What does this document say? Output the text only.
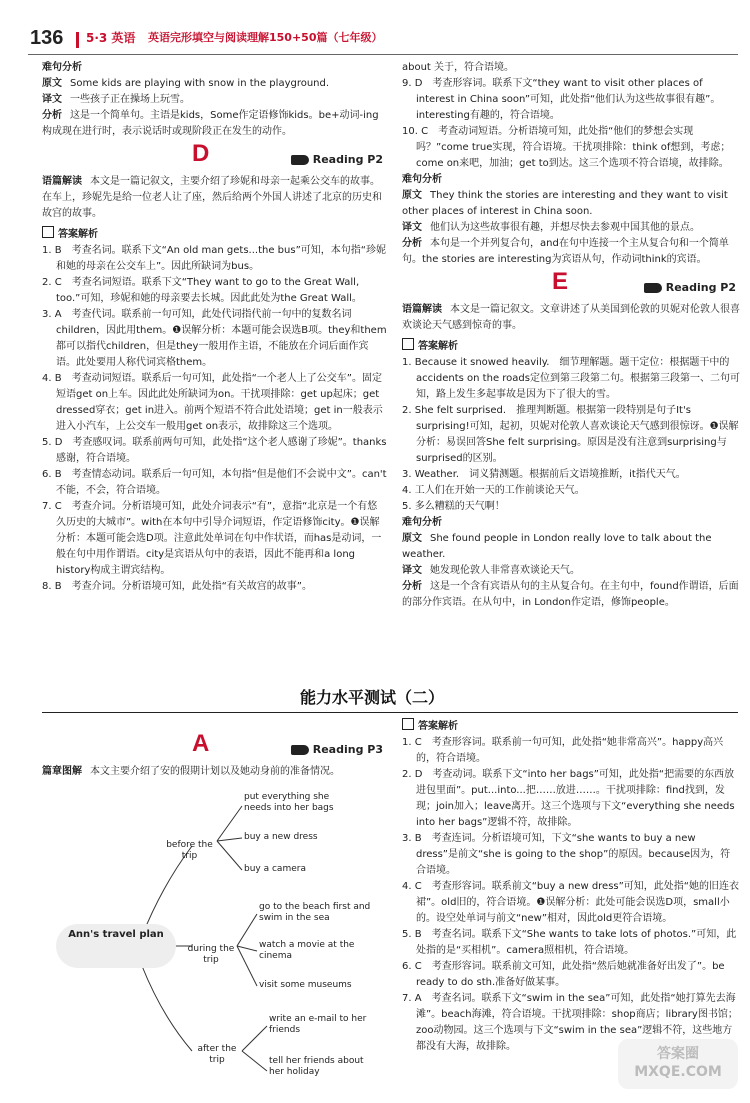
136 5·3 英语 英语完形填空与阅读理解150+50篇（七年级）

难句分析

原文 Some kids are playing with snow in the playground.

译文 一些孩子正在操场上玩雪。

分析 这是一个简单句。主语是kids，Some作定语修饰kids。be+动词-ing构成现在进行时，表示说话时或现阶段正在发生的动作。

D	Reading P2

语篇解读 本文是一篇记叙文，主要介绍了珍妮和母亲一起乘公交车的故事。在车上，珍妮先是给一位老人让了座，然后给两个外国人讲述了北京的历史和故宫的故事。

答案解析

1. B　考查名词。联系下文“An old man gets...the bus”可知，本句指“珍妮和她的母亲在公交车上”。因此所缺词为bus。

2. C　考查名词短语。联系下文“They want to go to the Great Wall, too.”可知，珍妮和她的母亲要去长城。因此此处为the Great Wall。

3. A　考查代词。联系前一句可知，此处代词指代前一句中的复数名词children，因此用them。❶误解分析：本题可能会误选B项。they和them都可以指代children，但是they一般用作主语，不能放在介词后面作宾语。此处要用人称代词宾格them。

4. B　考查动词短语。联系后一句可知，此处指“一个老人上了公交车”。固定短语get on上车。因此此处所缺词为on。干扰项排除：get up起床；get dressed穿衣；get in进入。前两个短语不符合此处语境；get in一般表示进入小汽车，上公交车一般用get on表示，故排除这三个选项。

5. D　考查感叹词。联系前两句可知，此处指“这个老人感谢了珍妮”。thanks感谢，符合语境。

6. B　考查情态动词。联系后一句可知，本句指“但是他们不会说中文”。can't不能，不会，符合语境。

7. C　考查介词。分析语境可知，此处介词表示“有”，意指“北京是一个有悠久历史的大城市”。with在本句中引导介词短语，作定语修饰city。❶误解分析：本题可能会选D项。注意此处单词在句中作状语，而has是动词，一般在句中用作谓语。city是宾语从句中的表语，因此不能再和a long history构成主谓宾结构。

8. B　考查介词。分析语境可知，此处指“有关故宫的故事”。

about 关于，符合语境。

9. D　考查形容词。联系下文“they want to visit other places of interest in China soon”可知，此处指“他们认为这些故事很有趣”。interesting有趣的，符合语境。

10. C　考查动词短语。分析语境可知，此处指“他们的梦想会实现吗？”come true实现，符合语境。干扰项排除：think of想到，考虑；come on来吧，加油；get to到达。这三个选项不符合语境，故排除。

难句分析

原文 They think the stories are interesting and they want to visit other places of interest in China soon.

译文 他们认为这些故事很有趣，并想尽快去参观中国其他的景点。

分析 本句是一个并列复合句，and在句中连接一个主从复合句和一个简单句。the stories are interesting为宾语从句，作动词think的宾语。

E	Reading P2

语篇解读 本文是一篇记叙文。文章讲述了从美国到伦敦的贝妮对伦敦人很喜欢谈论天气感到惊奇的事。

答案解析

1. Because it snowed heavily.　细节理解题。题干定位：根据题干中的accidents on the roads定位到第三段第二句。根据第三段第一、二句可知，路上发生多起事故是因为下了很大的雪。

2. She felt surprised.　推理判断题。根据第一段特别是句子It's surprising!可知，起初，贝妮对伦敦人喜欢谈论天气感到很惊讶。❶误解分析：易误回答She felt surprising。原因是没有注意到surprising与surprised的区别。

3. Weather.　词义猜测题。根据前后文语境推断，it指代天气。

4. 工人们在开始一天的工作前谈论天气。

5. 多么糟糕的天气啊！

难句分析

原文 She found people in London really love to talk about the weather.

译文 她发现伦敦人非常喜欢谈论天气。

分析 这是一个含有宾语从句的主从复合句。在主句中，found作谓语，后面的部分作宾语。在从句中，in London作定语，修饰people。

能力水平测试（二）
A	Reading P3

篇章图解 本文主要介绍了安的假期计划以及她动身前的准备情况。

Ann's travel plan
before the trip
during the trip
after the trip
put everything she needs into her bags
buy a new dress
buy a camera
go to the beach first and swim in the sea
watch a movie at the cinema
visit some museums
write an e-mail to her friends
tell her friends about her holiday

答案解析

1. C　考查形容词。联系前一句可知，此处指“她非常高兴”。happy高兴的，符合语境。

2. D　考查动词。联系下文“into her bags”可知，此处指“把需要的东西放进包里面”。put...into...把……放进……。干扰项排除：find找到，发现；join加入；leave离开。这三个选项与下文“everything she needs into her bags”逻辑不符，故排除。

3. B　考查连词。分析语境可知，下文“she wants to buy a new dress”是前文“she is going to the shop”的原因。because因为，符合语境。

4. C　考查形容词。联系前文“buy a new dress”可知，此处指“她的旧连衣裙”。old旧的，符合语境。❶误解分析：此处可能会误选D项，small小的。设空处单词与前文“new”相对，因此old更符合语境。

5. B　考查名词。联系下文“She wants to take lots of photos.”可知，此处指的是“买相机”。camera照相机，符合语境。

6. C　考查形容词。联系前文可知，此处指“然后她就准备好出发了”。be ready to do sth.准备好做某事。

7. A　考查名词。联系下文“swim in the sea”可知，此处指“她打算先去海滩”。beach海滩，符合语境。干扰项排除：shop商店；library图书馆；zoo动物园。这三个选项与下文“swim in the sea”逻辑不符，这些地方都没有大海，故排除。	答案圈 MXQE.COM
